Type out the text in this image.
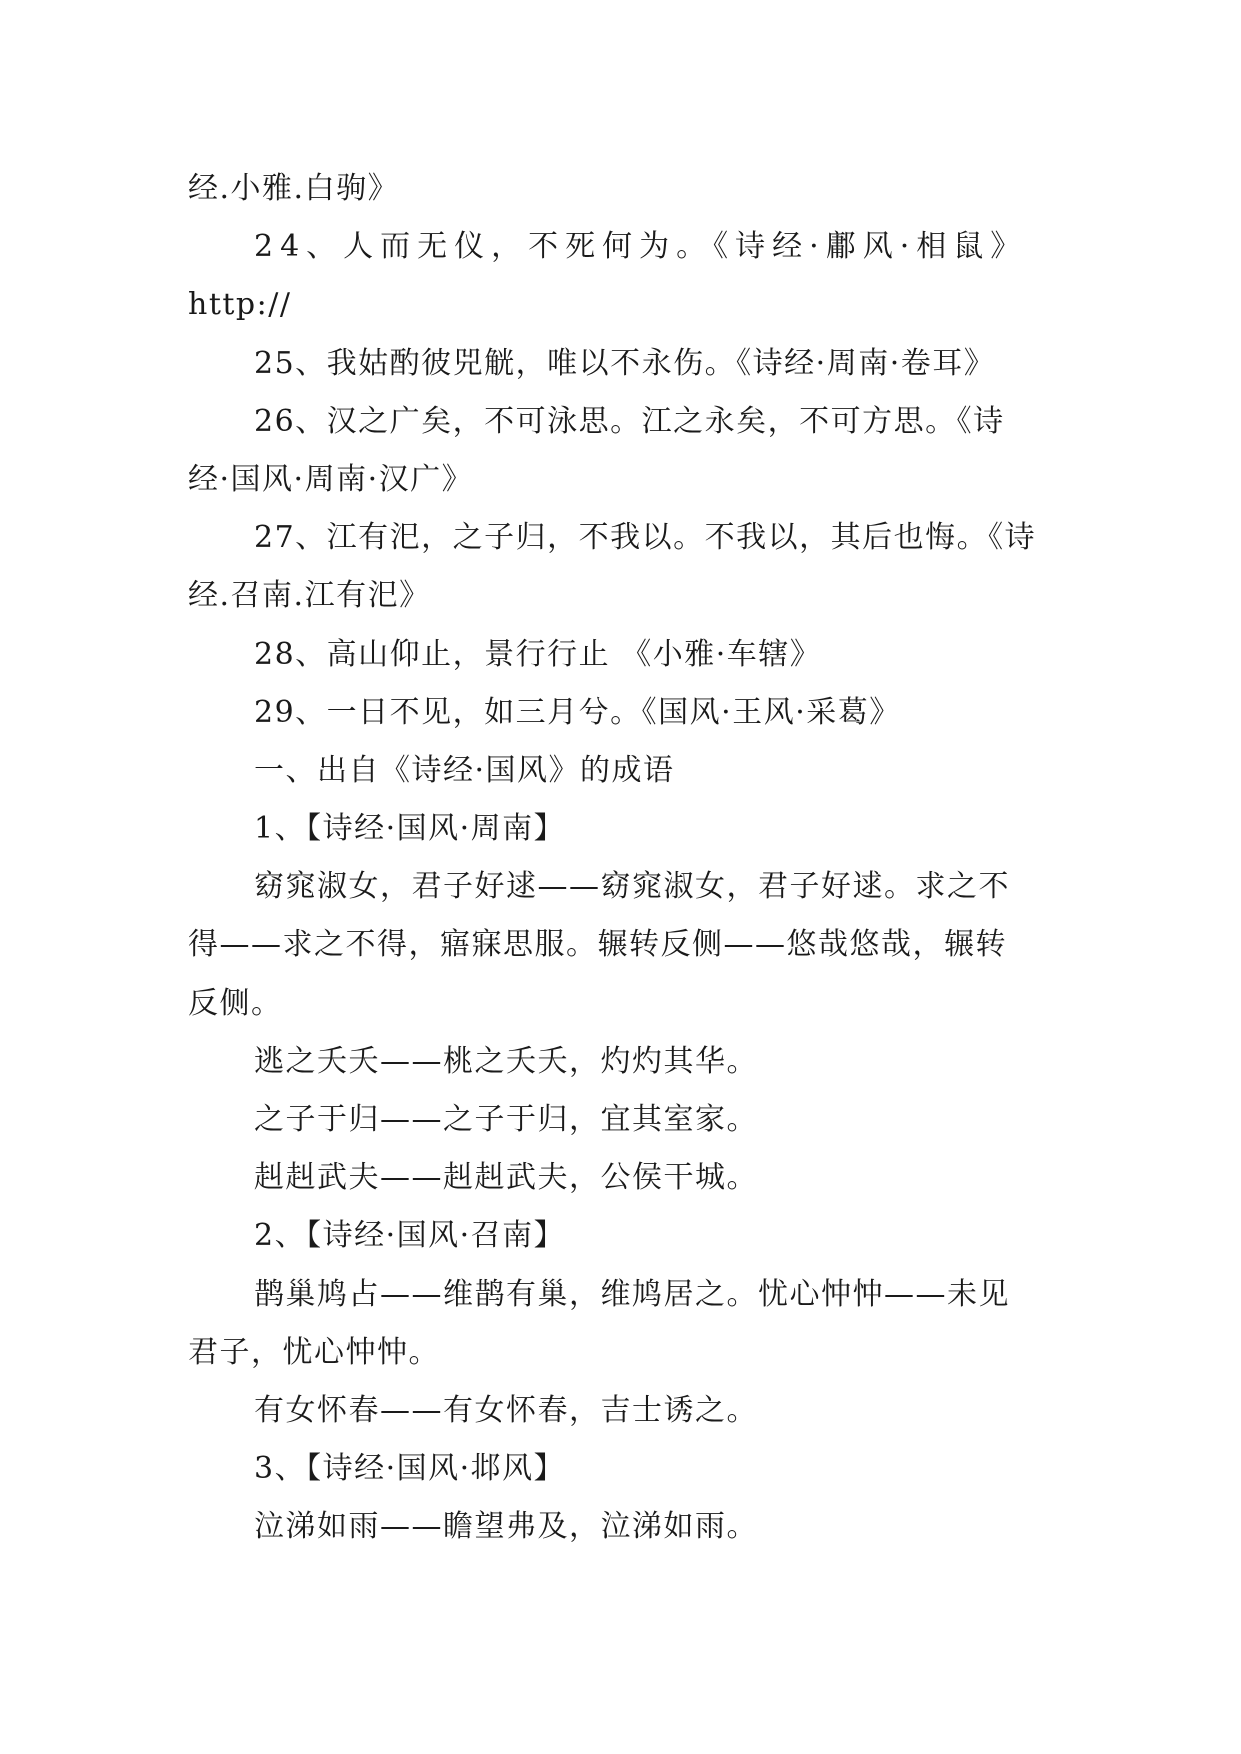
经.小雅.白驹》
24、人而无仪，不死何为。《诗经·鄘风·相鼠》
http://
25、我姑酌彼兕觥，唯以不永伤。《诗经·周南·卷耳》
26、汉之广矣，不可泳思。江之永矣，不可方思。《诗
经·国风·周南·汉广》
27、江有汜，之子归，不我以。不我以，其后也悔。《诗
经.召南.江有汜》
28、高山仰止，景行行止 《小雅·车辖》
29、一日不见，如三月兮。《国风·王风·采葛》
一、出自《诗经·国风》的成语
1、【诗经·国风·周南】
窈窕淑女，君子好逑——窈窕淑女，君子好逑。求之不
得——求之不得，寤寐思服。辗转反侧——悠哉悠哉，辗转
反侧。
逃之夭夭——桃之夭夭，灼灼其华。
之子于归——之子于归，宜其室家。
赳赳武夫——赳赳武夫，公侯干城。
2、【诗经·国风·召南】
鹊巢鸠占——维鹊有巢，维鸠居之。忧心忡忡——未见
君子，忧心忡忡。
有女怀春——有女怀春，吉士诱之。
3、【诗经·国风·邶风】
泣涕如雨——瞻望弗及，泣涕如雨。
